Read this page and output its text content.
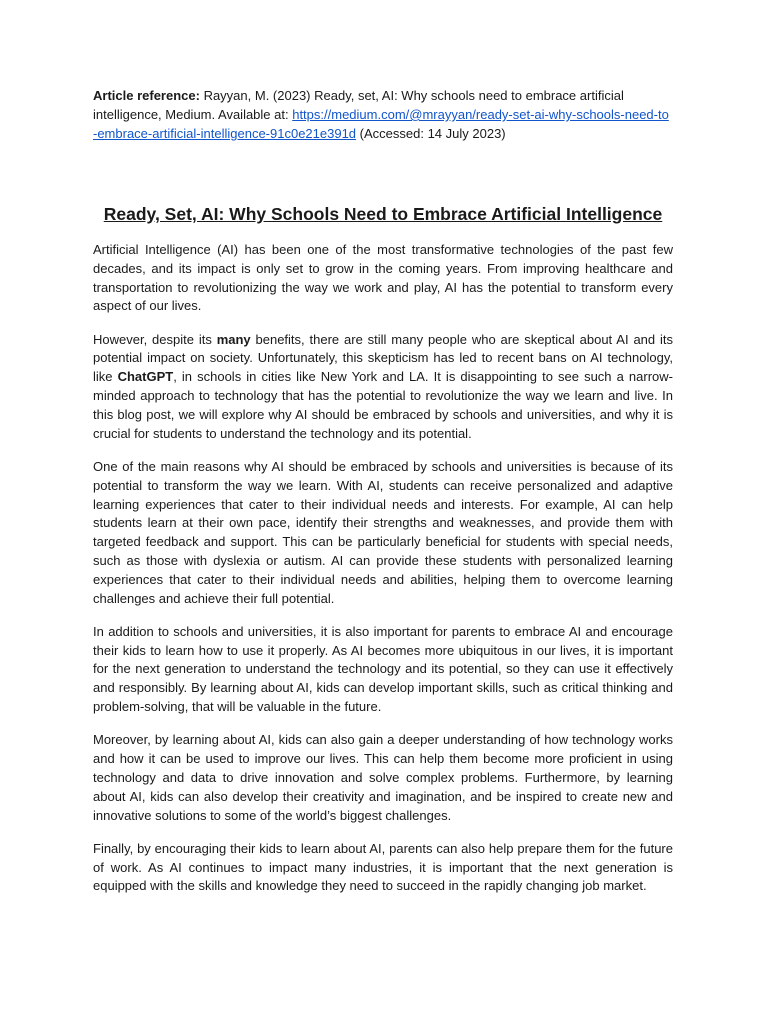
Article reference: Rayyan, M. (2023) Ready, set, AI: Why schools need to embrace artificial intelligence, Medium. Available at: https://medium.com/@mrayyan/ready-set-ai-why-schools-need-to-embrace-artificial-intelligence-91c0e21e391d (Accessed: 14 July 2023)

Ready, Set, AI: Why Schools Need to Embrace Artificial Intelligence

Artificial Intelligence (AI) has been one of the most transformative technologies of the past few decades, and its impact is only set to grow in the coming years. From improving healthcare and transportation to revolutionizing the way we work and play, AI has the potential to transform every aspect of our lives.

However, despite its many benefits, there are still many people who are skeptical about AI and its potential impact on society. Unfortunately, this skepticism has led to recent bans on AI technology, like ChatGPT, in schools in cities like New York and LA. It is disappointing to see such a narrow-minded approach to technology that has the potential to revolutionize the way we learn and live. In this blog post, we will explore why AI should be embraced by schools and universities, and why it is crucial for students to understand the technology and its potential.

One of the main reasons why AI should be embraced by schools and universities is because of its potential to transform the way we learn. With AI, students can receive personalized and adaptive learning experiences that cater to their individual needs and interests. For example, AI can help students learn at their own pace, identify their strengths and weaknesses, and provide them with targeted feedback and support. This can be particularly beneficial for students with special needs, such as those with dyslexia or autism. AI can provide these students with personalized learning experiences that cater to their individual needs and abilities, helping them to overcome learning challenges and achieve their full potential.

In addition to schools and universities, it is also important for parents to embrace AI and encourage their kids to learn how to use it properly. As AI becomes more ubiquitous in our lives, it is important for the next generation to understand the technology and its potential, so they can use it effectively and responsibly. By learning about AI, kids can develop important skills, such as critical thinking and problem-solving, that will be valuable in the future.

Moreover, by learning about AI, kids can also gain a deeper understanding of how technology works and how it can be used to improve our lives. This can help them become more proficient in using technology and data to drive innovation and solve complex problems. Furthermore, by learning about AI, kids can also develop their creativity and imagination, and be inspired to create new and innovative solutions to some of the world’s biggest challenges.

Finally, by encouraging their kids to learn about AI, parents can also help prepare them for the future of work. As AI continues to impact many industries, it is important that the next generation is equipped with the skills and knowledge they need to succeed in the rapidly changing job market.
